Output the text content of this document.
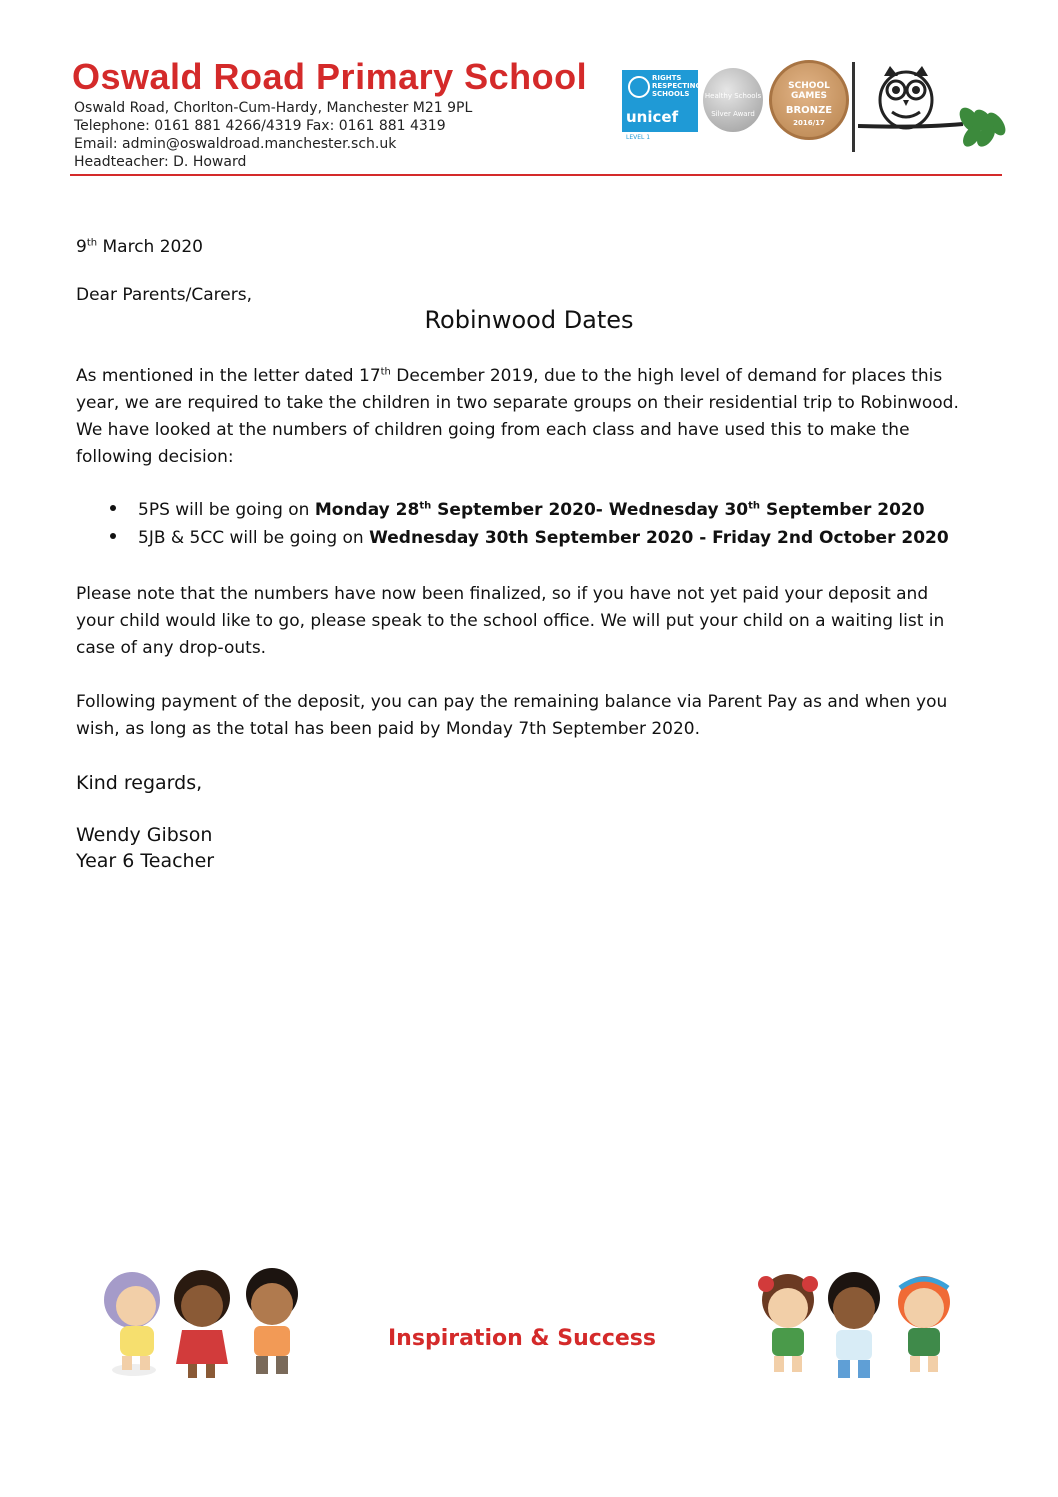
Oswald Road Primary School
Oswald Road, Chorlton-Cum-Hardy, Manchester M21 9PL
Telephone: 0161 881 4266/4319 Fax: 0161 881 4319
Email: admin@oswaldroad.manchester.sch.uk
Headteacher: D. Howard
RIGHTS
RESPECTING
SCHOOLS
unicef
LEVEL 1
Healthy Schools
Silver Award
SCHOOL
GAMES
BRONZE
2016/17
9th March 2020
Dear Parents/Carers,
Robinwood Dates
As mentioned in the letter dated 17th December 2019, due to the high level of demand for places this
year, we are required to take the children in two separate groups on their residential trip to Robinwood.
We have looked at the numbers of children going from each class and have used this to make the
following decision:
5PS will be going on Monday 28th September 2020- Wednesday 30th September 2020
5JB & 5CC will be going on Wednesday 30th September 2020 - Friday 2nd October 2020
Please note that the numbers have now been finalized, so if you have not yet paid your deposit and
your child would like to go, please speak to the school office. We will put your child on a waiting list in
case of any drop-outs.
Following payment of the deposit, you can pay the remaining balance via Parent Pay as and when you
wish, as long as the total has been paid by Monday 7th September 2020.
Kind regards,
Wendy Gibson
Year 6 Teacher
Inspiration & Success
